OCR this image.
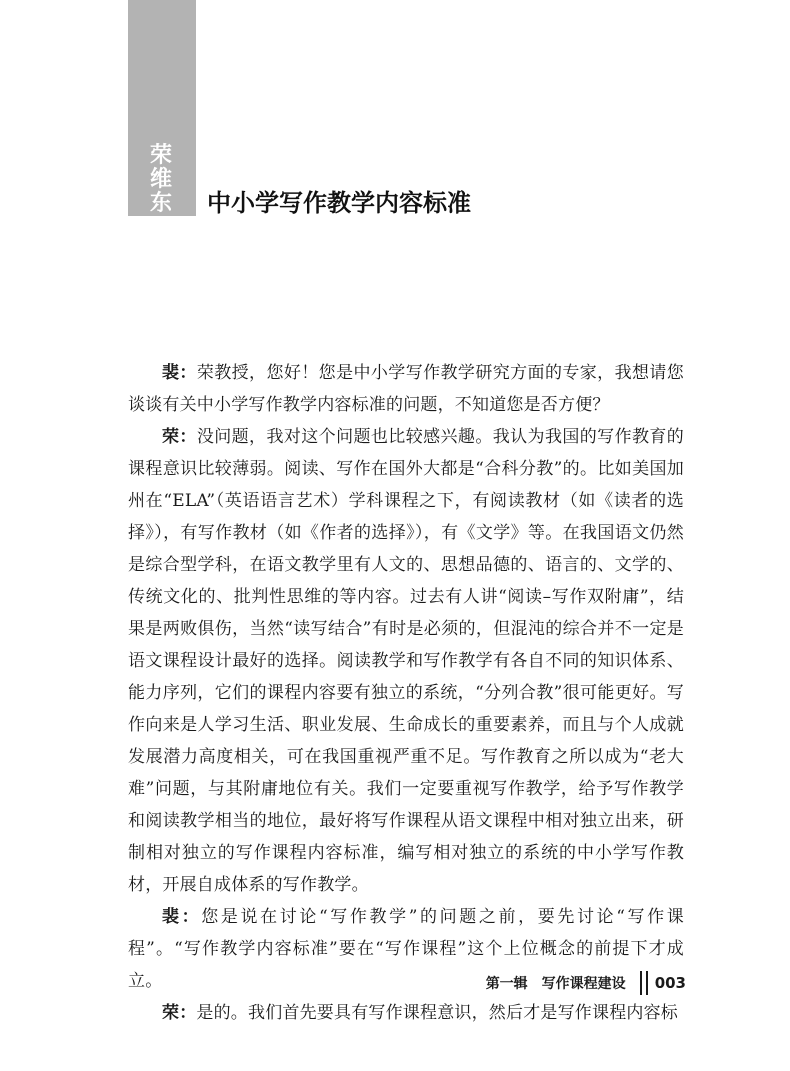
荣
维
东 中小学写作教学内容标准

裴：荣教授，您好！您是中小学写作教学研究方面的专家，我想请您谈谈有关中小学写作教学内容标准的问题，不知道您是否方便？

荣：没问题，我对这个问题也比较感兴趣。我认为我国的写作教育的课程意识比较薄弱。阅读、写作在国外大都是“合科分教”的。比如美国加州在“ELA”（英语语言艺术）学科课程之下，有阅读教材（如《读者的选择》），有写作教材（如《作者的选择》），有《文学》等。在我国语文仍然是综合型学科，在语文教学里有人文的、思想品德的、语言的、文学的、传统文化的、批判性思维的等内容。过去有人讲“阅读–写作双附庸”，结果是两败俱伤，当然“读写结合”有时是必须的，但混沌的综合并不一定是语文课程设计最好的选择。阅读教学和写作教学有各自不同的知识体系、能力序列，它们的课程内容要有独立的系统，“分列合教”很可能更好。写作向来是人学习生活、职业发展、生命成长的重要素养，而且与个人成就发展潜力高度相关，可在我国重视严重不足。写作教育之所以成为“老大难”问题，与其附庸地位有关。我们一定要重视写作教学，给予写作教学和阅读教学相当的地位，最好将写作课程从语文课程中相对独立出来，研制相对独立的写作课程内容标准，编写相对独立的系统的中小学写作教材，开展自成体系的写作教学。

裴：您是说在讨论“写作教学”的问题之前，要先讨论“写作课程”。“写作教学内容标准”要在“写作课程”这个上位概念的前提下才成立。

荣：是的。我们首先要具有写作课程意识，然后才是写作课程内容标

第一辑　写作课程建设 003
